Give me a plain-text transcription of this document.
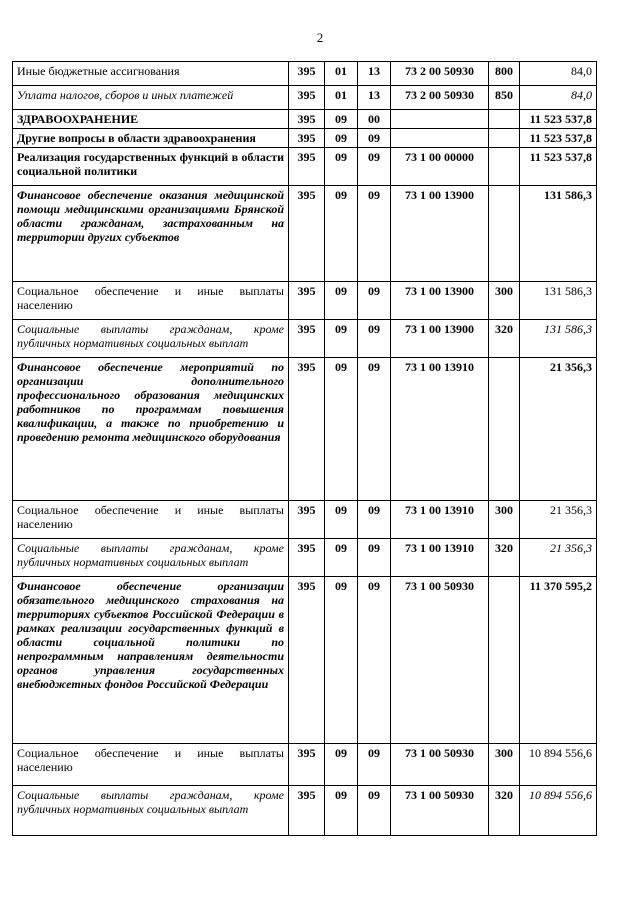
2
Иные бюджетные ассигнования	395	01	13	73 2 00 50930	800	84,0
Уплата налогов, сборов и иных платежей	395	01	13	73 2 00 50930	850	84,0
ЗДРАВООХРАНЕНИЕ	395	09	00			11 523 537,8
Другие вопросы в области здравоохранения	395	09	09			11 523 537,8
Реализация государственных функций в области социальной политики	395	09	09	73 1 00 00000		11 523 537,8
Финансовое обеспечение оказания медицинской помощи медицинскими организациями Брянской области гражданам, застрахованным на территории других субъектов	395	09	09	73 1 00 13900		131 586,3
Социальное обеспечение и иные выплаты населению	395	09	09	73 1 00 13900	300	131 586,3
Социальные выплаты гражданам, кроме публичных нормативных социальных выплат	395	09	09	73 1 00 13900	320	131 586,3
Финансовое обеспечение мероприятий по организации дополнительного профессионального образования медицинских работников по программам повышения квалификации, а также по приобретению и проведению ремонта медицинского оборудования	395	09	09	73 1 00 13910		21 356,3
Социальное обеспечение и иные выплаты населению	395	09	09	73 1 00 13910	300	21 356,3
Социальные выплаты гражданам, кроме публичных нормативных социальных выплат	395	09	09	73 1 00 13910	320	21 356,3
Финансовое обеспечение организации обязательного медицинского страхования на территориях субъектов Российской Федерации в рамках реализации государственных функций в области социальной политики по непрограммным направлениям деятельности органов управления государственных внебюджетных фондов Российской Федерации	395	09	09	73 1 00 50930		11 370 595,2
Социальное обеспечение и иные выплаты населению	395	09	09	73 1 00 50930	300	10 894 556,6
Социальные выплаты гражданам, кроме публичных нормативных социальных выплат	395	09	09	73 1 00 50930	320	10 894 556,6
